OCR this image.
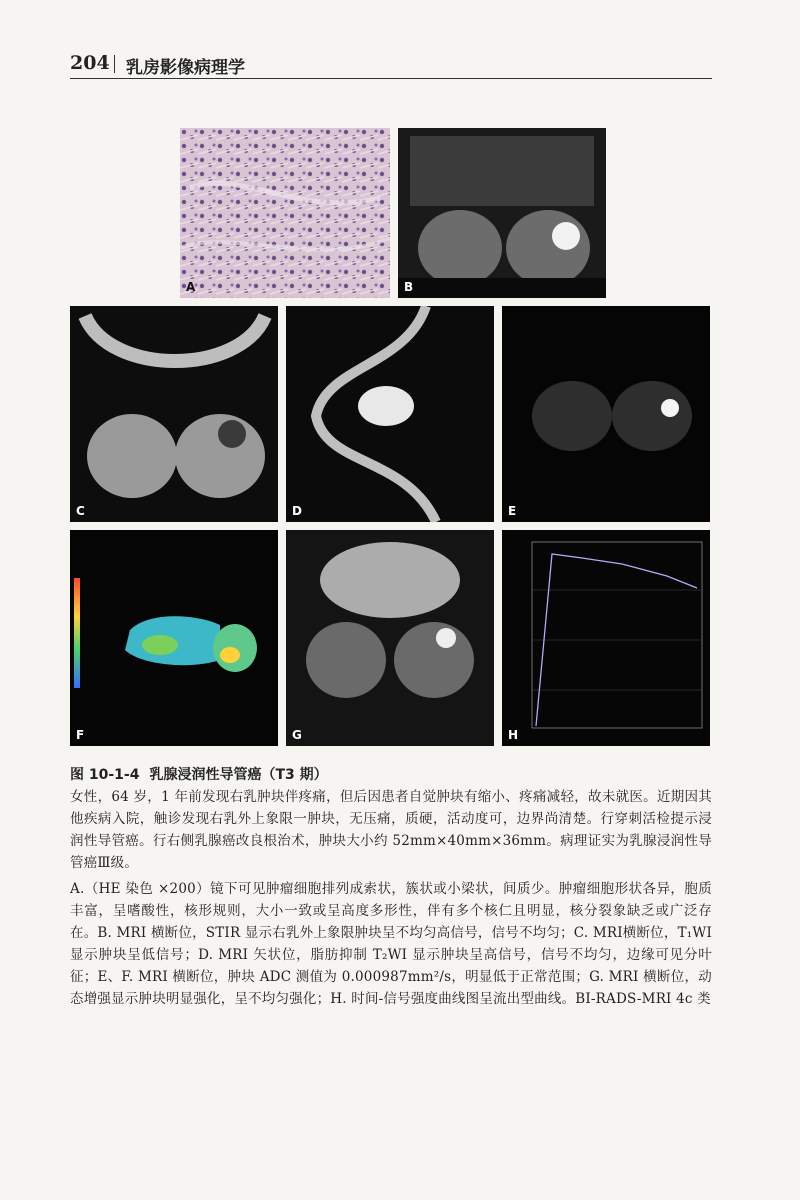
204 乳房影像病理学
A	B
C	D	E
F	G	H
图 10-1-4 乳腺浸润性导管癌（T3 期）
女性，64 岁，1 年前发现右乳肿块伴疼痛，但后因患者自觉肿块有缩小、疼痛减轻，故未就医。近期因其他疾病入院，触诊发现右乳外上象限一肿块，无压痛，质硬，活动度可，边界尚清楚。行穿刺活检提示浸润性导管癌。行右侧乳腺癌改良根治术，肿块大小约 52mm×40mm×36mm。病理证实为乳腺浸润性导管癌Ⅲ级。
A.（HE 染色 ×200）镜下可见肿瘤细胞排列成索状，簇状或小梁状，间质少。肿瘤细胞形状各异，胞质丰富，呈嗜酸性，核形规则，大小一致或呈高度多形性，伴有多个核仁且明显，核分裂象缺乏或广泛存在。B. MRI 横断位，STIR 显示右乳外上象限肿块呈不均匀高信号，信号不均匀；C. MRI横断位，T₁WI 显示肿块呈低信号；D. MRI 矢状位，脂肪抑制 T₂WI 显示肿块呈高信号，信号不均匀，边缘可见分叶征；E、F. MRI 横断位，肿块 ADC 测值为 0.000987mm²/s，明显低于正常范围；G. MRI 横断位，动态增强显示肿块明显强化，呈不均匀强化；H. 时间-信号强度曲线图呈流出型曲线。BI-RADS-MRI 4c 类
